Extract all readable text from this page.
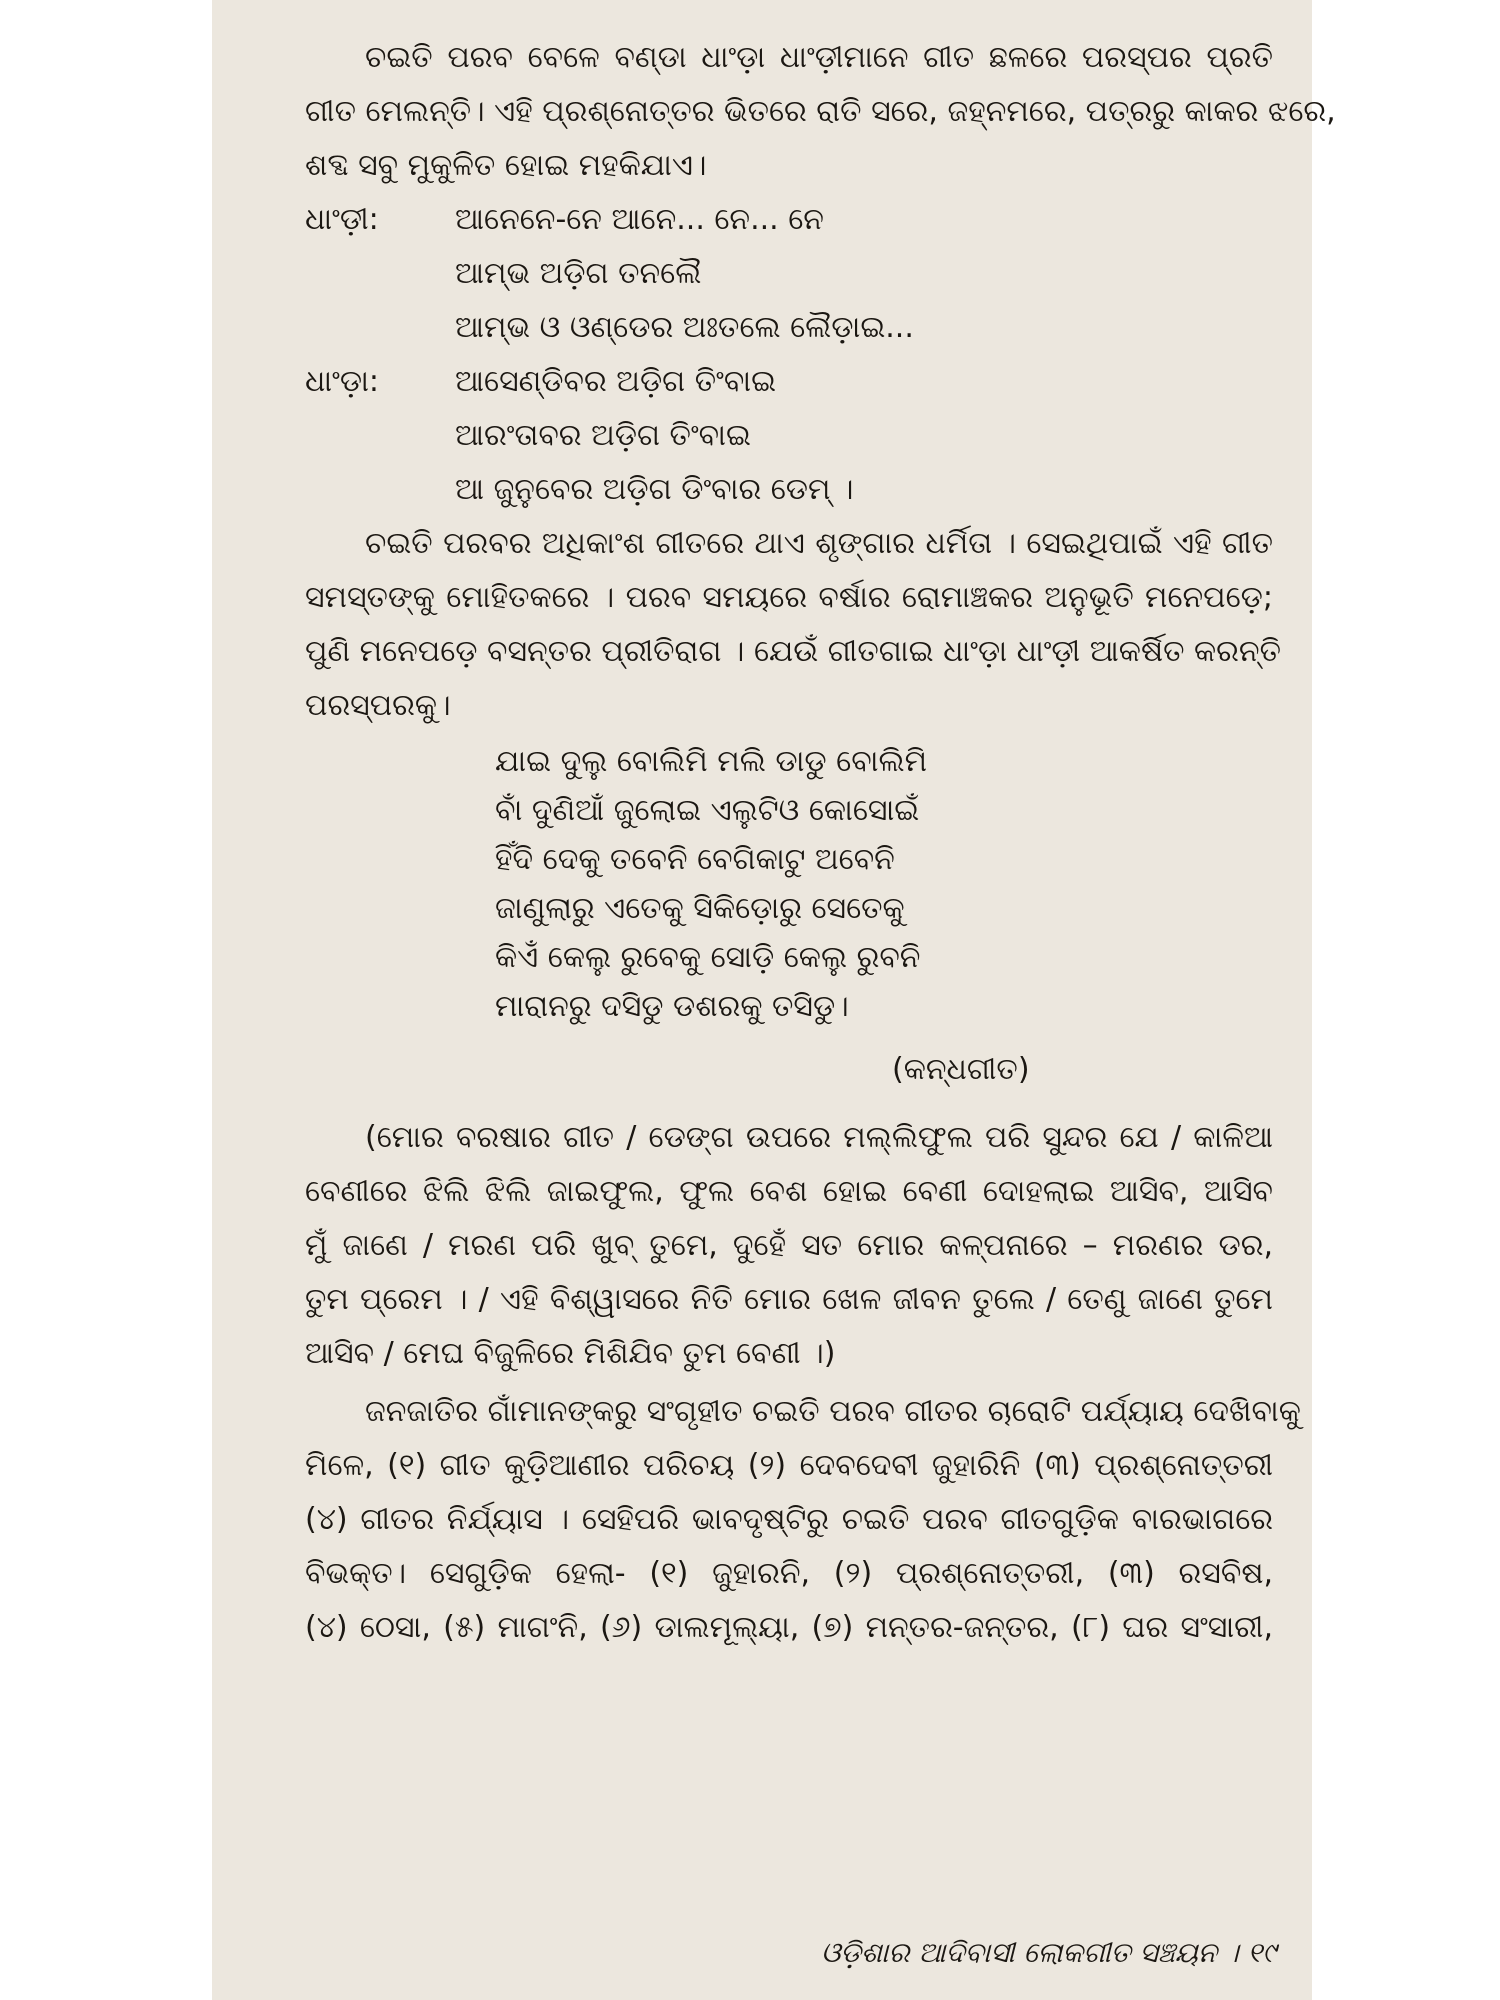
ଚଇତି ପରବ ବେଳେ ବଣ୍ଡା ଧାଂଡ଼ା ଧାଂଡ଼ୀମାନେ ଗୀତ ଛଳରେ ପରସ୍ପର ପ୍ରତି

ଗୀତ ମେଲନ୍ତି। ଏହି ପ୍ରଶ୍ନୋତ୍ତର ଭିତରେ ରାତି ସରେ, ଜହ୍ନମରେ, ପତ୍ରରୁ କାକର ଝରେ,

ଶବ୍ଦ ସବୁ ମୁକୁଳିତ ହୋଇ ମହକିଯାଏ।

ଧାଂଡ଼ୀ:	ଆନେନେ-ନେ ଆନେ... ନେ... ନେ

ଆମ୍ଭ ଅଡ଼ିଗ ତନଲୈ

ଆମ୍ଭ ଓ ଓଣ୍ଡେର ଅଃତଲେ ଲୈଡ଼ାଇ...

ଧାଂଡ଼ା:	ଆସେଣ୍ଡିବର ଅଡ଼ିଗ ତିଂବାଇ

ଆରଂତାବର ଅଡ଼ିଗ ତିଂବାଇ

ଆ ଜୁନୁବେର ଅଡ଼ିଗ ଡିଂବାର ଡେମ୍ ।

ଚଇତି ପରବର ଅଧିକାଂଶ ଗୀତରେ ଥାଏ ଶୃଙ୍ଗାର ଧର୍ମିତା । ସେଇଥିପାଇଁ ଏହି ଗୀତ

ସମସ୍ତଙ୍କୁ ମୋହିତକରେ । ପରବ ସମୟରେ ବର୍ଷାର ରୋମାଞ୍ଚକର ଅନୁଭୂତି ମନେପଡ଼େ;

ପୁଣି ମନେପଡ଼େ ବସନ୍ତର ପ୍ରୀତିରାଗ । ଯେଉଁ ଗୀତଗାଇ ଧାଂଡ଼ା ଧାଂଡ଼ୀ ଆକର୍ଷିତ କରନ୍ତି

ପରସ୍ପରକୁ।

ଯାଇ ଦୁଲୁ ବୋଲିମି ମଲି ଡାଡୁ ବୋଲିମି

ବାଁ ଦୁଣିଆଁ ଜୁଲୋଇ ଏଲୁଟିଓ କୋସୋଇଁ

ହିଁଦି ଦେକୁ ତବେନି ବେଗିକାଟୁ ଅବେନି

ଜାଣୁଲାରୁ ଏତେକୁ ସିକିଡ଼ୋରୁ ସେତେକୁ

କିଏଁ କେଲୁ ରୁବେକୁ ସୋଡ଼ି କେଲୁ ରୁବନି

ମାରାନରୁ ଦସିଡୁ ଡଶରକୁ ତସିଡୁ।

(କନ୍ଧଗୀତ)

(ମୋର ବରଷାର ଗୀତ / ଡେଙ୍ଗ ଉପରେ ମଲ୍ଲିଫୁଲ ପରି ସୁନ୍ଦର ଯେ / କାଳିଆ

ବେଣୀରେ ଝିଲି ଝିଲି ଜାଇଫୁଲ, ଫୁଲ ବେଶ ହୋଇ ବେଣୀ ଦୋହଲାଇ ଆସିବ, ଆସିବ

ମୁଁ ଜାଣେ / ମରଣ ପରି ଖୁବ୍ ତୁମେ, ଦୁହେଁ ସତ ମୋର କଳ୍ପନାରେ – ମରଣର ଡର,

ତୁମ ପ୍ରେମ । / ଏହି ବିଶ୍ୱାସରେ ନିତି ମୋର ଖେଳ ଜୀବନ ତୁଲେ / ତେଣୁ ଜାଣେ ତୁମେ

ଆସିବ / ମେଘ ବିଜୁଳିରେ ମିଶିଯିବ ତୁମ ବେଣୀ ।)

ଜନଜାତିର ଗାଁମାନଙ୍କରୁ ସଂଗୃହୀତ ଚଇତି ପରବ ଗୀତର ଚାରୋଟି ପର୍ଯ୍ୟାୟ ଦେଖିବାକୁ

ମିଳେ, (୧) ଗୀତ କୁଡ଼ିଆଣୀର ପରିଚୟ (୨) ଦେବଦେବୀ ଜୁହାରିନି (୩) ପ୍ରଶ୍ନୋତ୍ତରୀ

(୪) ଗୀତର ନିର୍ଯ୍ୟାସ । ସେହିପରି ଭାବଦୃଷ୍ଟିରୁ ଚଇତି ପରବ ଗୀତଗୁଡ଼ିକ ବାରଭାଗରେ

ବିଭକ୍ତ। ସେଗୁଡ଼ିକ ହେଲା- (୧) ଜୁହାରନି, (୨) ପ୍ରଶ୍ନୋତ୍ତରୀ, (୩) ରସବିଷ,

(୪) ଠେସା, (୫) ମାଗଂନି, (୬) ଡାଲମୂଲ୍ୟା, (୭) ମନ୍ତର-ଜନ୍ତର, (୮) ଘର ସଂସାରୀ,

ଓଡ଼ିଶାର ଆଦିବାସୀ ଲୋକଗୀତ ସଞ୍ଚୟନ । ୧୯
